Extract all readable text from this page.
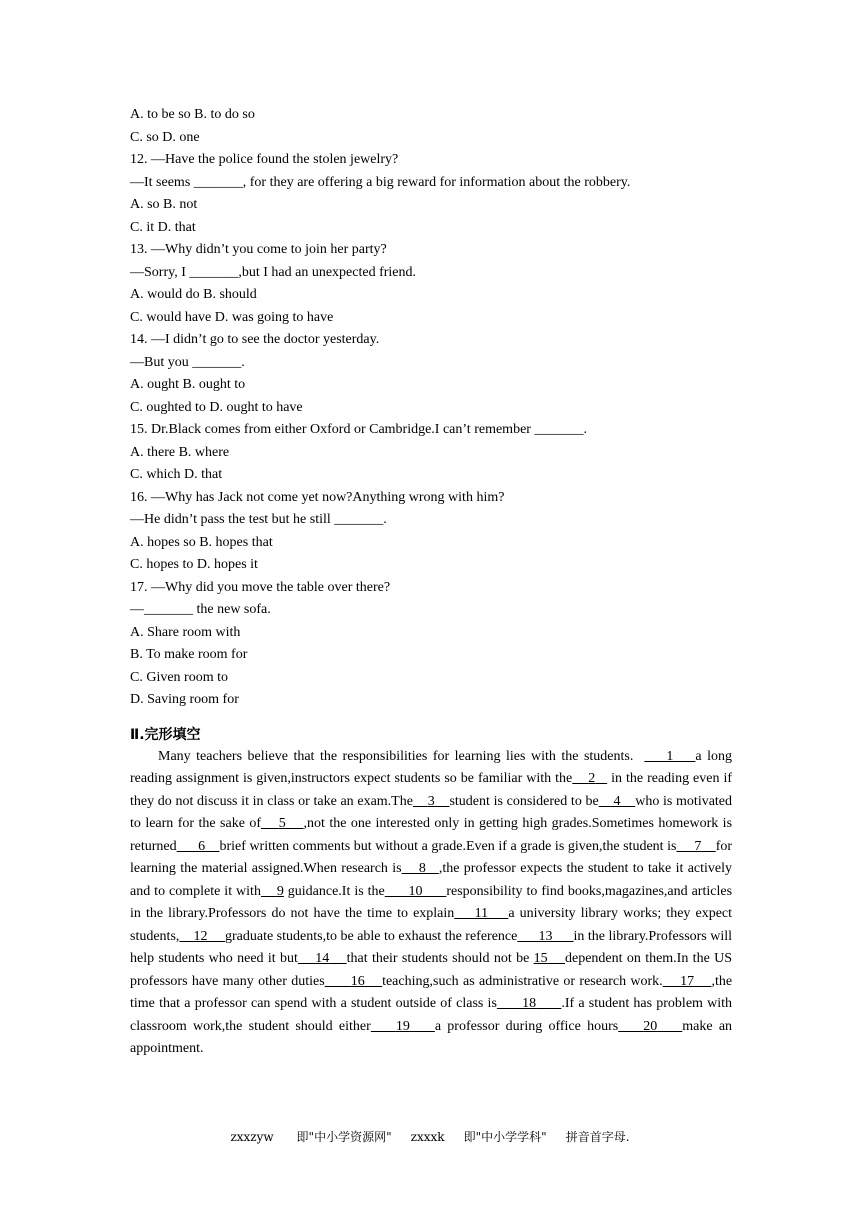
A. to be so B. to do so
C. so D. one
12. —Have the police found the stolen jewelry?
—It seems _______, for they are offering a big reward for information about the robbery.
A. so B. not
C. it D. that
13. —Why didn’t you come to join her party?
—Sorry, I _______,but I had an unexpected friend.
A. would do B. should
C. would have D. was going to have
14. —I didn’t go to see the doctor yesterday.
—But you _______.
A. ought B. ought to
C. oughted to D. ought to have
15. Dr.Black comes from either Oxford or Cambridge.I can’t remember _______.
A. there B. where
C. which D. that
16. —Why has Jack not come yet now?Anything wrong with him?
—He didn’t pass the test but he still _______.
A. hopes so B. hopes that
C. hopes to D. hopes it
17. —Why did you move the table over there?
—_______ the new sofa.
A. Share room with
B. To make room for
C. Given room to
D. Saving room for
Ⅱ.完形填空

Many teachers believe that the responsibilities for learning lies with the students. 1 a long reading assignment is given,instructors expect students so be familiar with the 2    in the reading even if they do not discuss it in class or take an exam.The 3 student is considered to be 4 who is motivated to learn for the sake of 5 ,not the one interested only in getting high grades.Sometimes homework is returned 6 brief written comments but without a grade.Even if a grade is given,the student is 7 for learning the material assigned.When research is 8 ,the professor expects the student to take it actively and to complete it with 9 guidance.It is the 10 responsibility to find books,magazines,and articles in the library.Professors do not have the time to explain 11 a university library works; they expect students, 12 graduate students,to be able to exhaust the reference 13 in the library.Professors will help students who need it but 14 that their students should not be 15 dependent on them.In the US professors have many other duties 16 teaching,such as administrative or research work. 17 ,the time that a professor can spend with a student outside of class is 18 .If a student has problem with classroom work,the student should either 19 a professor during office hours 20 make an appointment.

zxxzyw      即"中小学资源网"     zxxxk     即"中小学学科"     拼音首字母.
